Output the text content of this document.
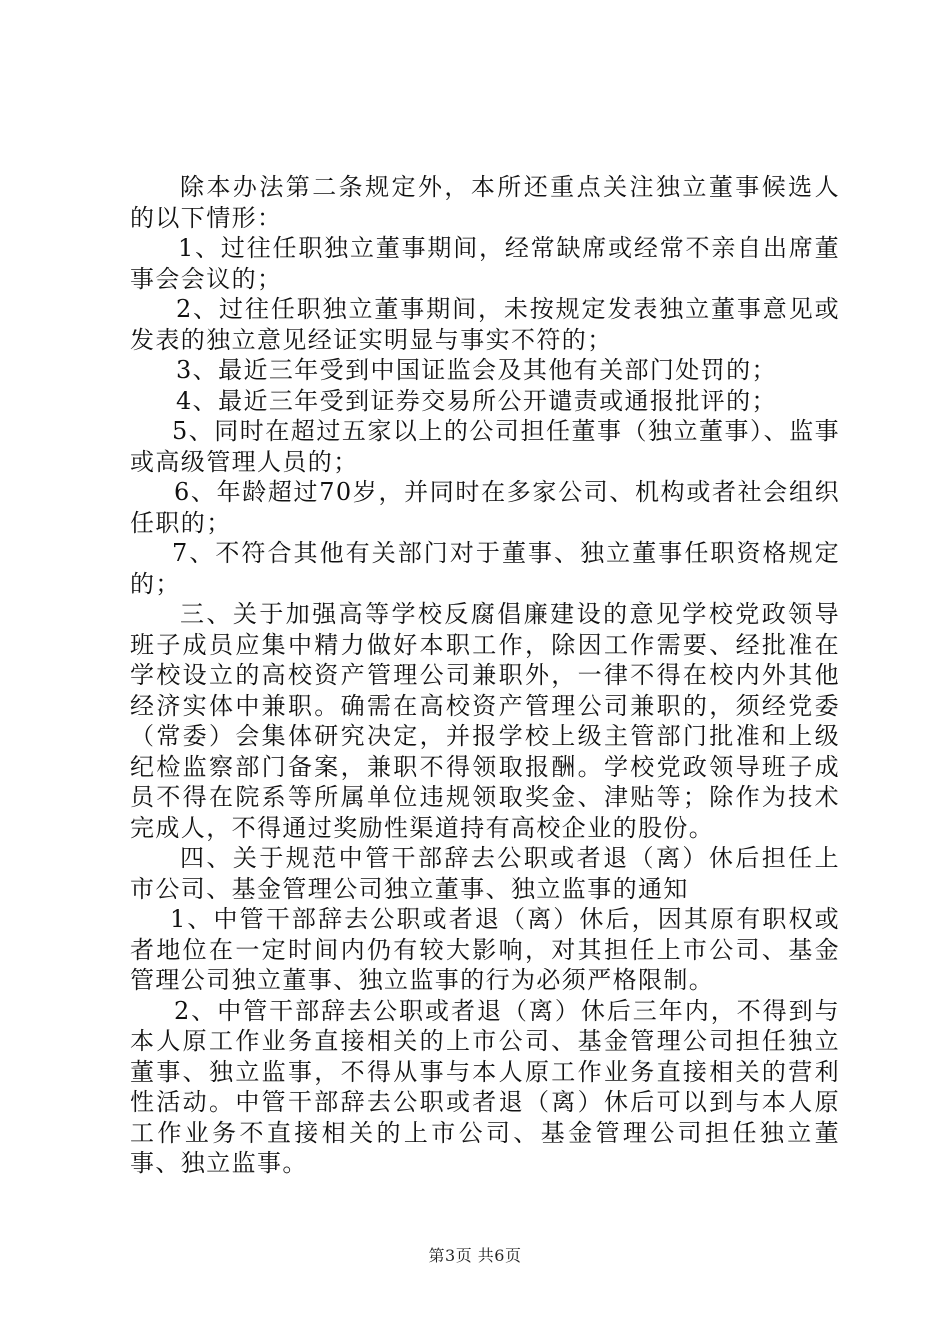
除本办法第二条规定外，本所还重点关注独立董事候选人的以下情形：

1、过往任职独立董事期间，经常缺席或经常不亲自出席董事会会议的；

2、过往任职独立董事期间，未按规定发表独立董事意见或发表的独立意见经证实明显与事实不符的；

3、最近三年受到中国证监会及其他有关部门处罚的；

4、最近三年受到证券交易所公开谴责或通报批评的；

5、同时在超过五家以上的公司担任董事（独立董事）、监事或高级管理人员的；

6、年龄超过70岁，并同时在多家公司、机构或者社会组织任职的；

7、不符合其他有关部门对于董事、独立董事任职资格规定的；

三、关于加强高等学校反腐倡廉建设的意见学校党政领导班子成员应集中精力做好本职工作，除因工作需要、经批准在学校设立的高校资产管理公司兼职外，一律不得在校内外其他经济实体中兼职。确需在高校资产管理公司兼职的，须经党委（常委）会集体研究决定，并报学校上级主管部门批准和上级纪检监察部门备案，兼职不得领取报酬。学校党政领导班子成员不得在院系等所属单位违规领取奖金、津贴等；除作为技术完成人，不得通过奖励性渠道持有高校企业的股份。

四、关于规范中管干部辞去公职或者退（离）休后担任上市公司、基金管理公司独立董事、独立监事的通知

1、中管干部辞去公职或者退（离）休后，因其原有职权或者地位在一定时间内仍有较大影响，对其担任上市公司、基金管理公司独立董事、独立监事的行为必须严格限制。

2、中管干部辞去公职或者退（离）休后三年内，不得到与本人原工作业务直接相关的上市公司、基金管理公司担任独立董事、独立监事，不得从事与本人原工作业务直接相关的营利性活动。中管干部辞去公职或者退（离）休后可以到与本人原工作业务不直接相关的上市公司、基金管理公司担任独立董事、独立监事。

第3页 共6页
